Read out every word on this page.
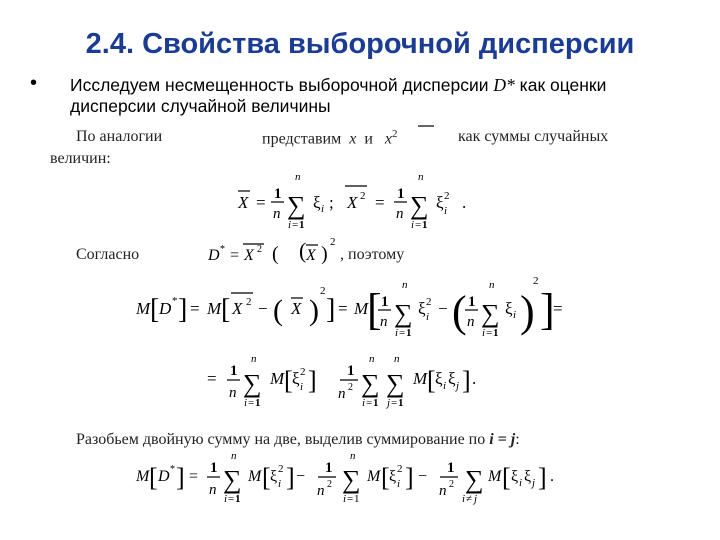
2.4. Свойства выборочной дисперсии
• Исследуем несмещенность выборочной дисперсии D* как оценки дисперсии случайной величины
По аналогии	представим  x  и   $x^2$	как суммы случайных
величин:
X = 1
n
n
∑
i = 1
ξ i ; X 2 = 1
n
n
∑
i = 1
ξ 2
i .
D * = X 2 ( X )
2
(
M [ D * ] = M [ X 2 − ( X )
2
] = M
[ 1
n
n
∑
i = 1
ξ 2
i − ( 1
n
n
∑
i = 1
ξ i )
2
]
=
= 1
n
n
∑
i = 1
M [ ξ 2
i ] 1
n 2
n
∑
i = 1
n
∑
j = 1
M [ ξ i ξ j ] .
M [ D * ] = 1
n
n
∑
i = 1
M [ ξ 2
i ] − 1
n 2
n
∑
i = 1
M [ ξ 2
i ] − 1
n 2 ∑
i ≠ j
M [ ξ i ξ j ] .
Согласно	, поэтому
Разобьем двойную сумму на две, выделив суммирование по i = j:
